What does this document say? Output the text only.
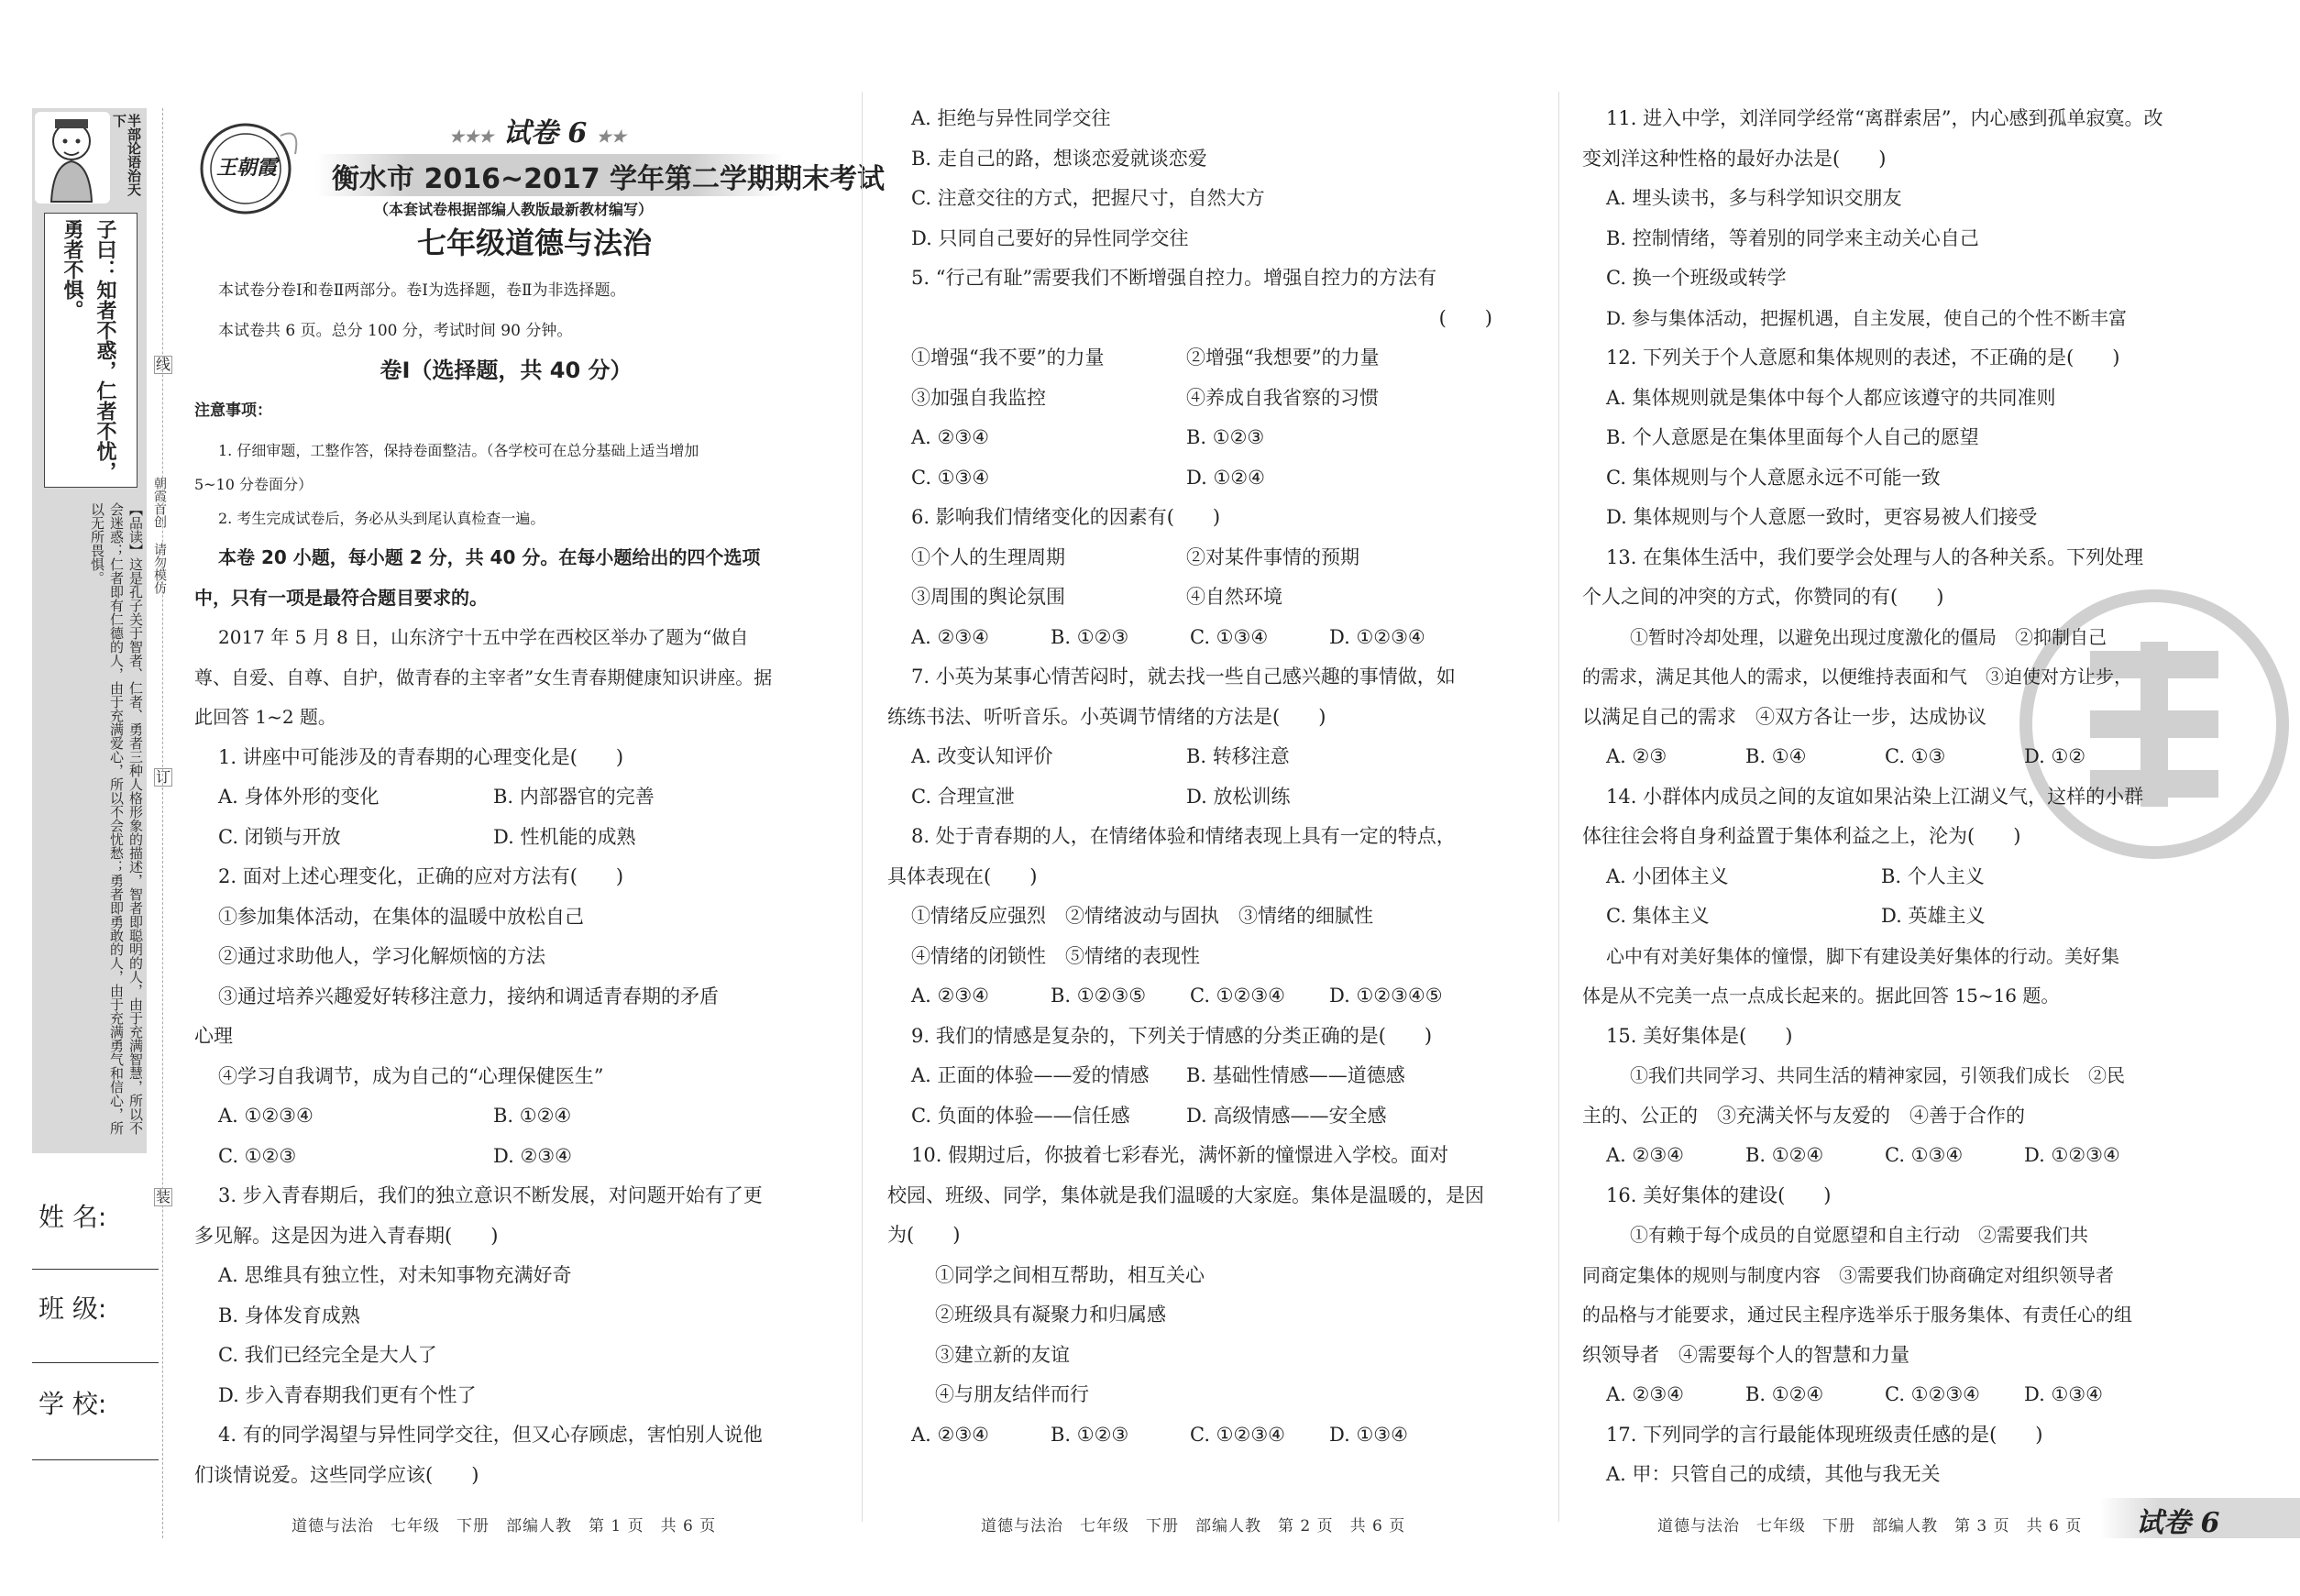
半部论语治天下
子曰：知者不惑，仁者不忧，勇者不惧。
【品读】这是孔子关于智者、仁者、勇者三种人格形象的描述，智者即聪明的人，由于充满智慧，所以不会迷惑；仁者即有仁德的人，由于充满爱心，所以不会忧愁；勇者即勇敢的人，由于充满勇气和信心，所以无所畏惧。	朝霞首创 请勿模仿
线
订
装
姓 名:
班 级:
学 校:
王朝霞
★★★ 试卷 6 ★★
衡水市 2016~2017 学年第二学期期末考试
（本套试卷根据部编人教版最新教材编写）
七年级道德与法治
本试卷分卷Ⅰ和卷Ⅱ两部分。卷Ⅰ为选择题，卷Ⅱ为非选择题。
本试卷共 6 页。总分 100 分，考试时间 90 分钟。
卷Ⅰ（选择题，共 40 分）
注意事项：
1. 仔细审题，工整作答，保持卷面整洁。（各学校可在总分基础上适当增加
5~10 分卷面分）
2. 考生完成试卷后，务必从头到尾认真检查一遍。
本卷 20 小题，每小题 2 分，共 40 分。在每小题给出的四个选项
中，只有一项是最符合题目要求的。
2017 年 5 月 8 日，山东济宁十五中学在西校区举办了题为“做自
尊、自爱、自尊、自护，做青春的主宰者”女生青春期健康知识讲座。据
此回答 1~2 题。
1. 讲座中可能涉及的青春期的心理变化是(　　)
A. 身体外形的变化	B. 内部器官的完善
C. 闭锁与开放	D. 性机能的成熟
2. 面对上述心理变化，正确的应对方法有(　　)
①参加集体活动，在集体的温暖中放松自己
②通过求助他人，学习化解烦恼的方法
③通过培养兴趣爱好转移注意力，接纳和调适青春期的矛盾
心理
④学习自我调节，成为自己的“心理保健医生”
A. ①②③④	B. ①②④
C. ①②③	D. ②③④
3. 步入青春期后，我们的独立意识不断发展，对问题开始有了更
多见解。这是因为进入青春期(　　)
A. 思维具有独立性，对未知事物充满好奇
B. 身体发育成熟
C. 我们已经完全是大人了
D. 步入青春期我们更有个性了
4. 有的同学渴望与异性同学交往，但又心存顾虑，害怕别人说他
们谈情说爱。这些同学应该(　　)
A. 拒绝与异性同学交往
B. 走自己的路，想谈恋爱就谈恋爱
C. 注意交往的方式，把握尺寸，自然大方
D. 只同自己要好的异性同学交往
5. “行己有耻”需要我们不断增强自控力。增强自控力的方法有
(　　)
①增强“我不要”的力量	②增强“我想要”的力量
③加强自我监控	④养成自我省察的习惯
A. ②③④	B. ①②③
C. ①③④	D. ①②④
6. 影响我们情绪变化的因素有(　　)
①个人的生理周期	②对某件事情的预期
③周围的舆论氛围	④自然环境
A. ②③④	B. ①②③	C. ①③④	D. ①②③④
7. 小英为某事心情苦闷时，就去找一些自己感兴趣的事情做，如
练练书法、听听音乐。小英调节情绪的方法是(　　)
A. 改变认知评价	B. 转移注意
C. 合理宣泄	D. 放松训练
8. 处于青春期的人，在情绪体验和情绪表现上具有一定的特点，
具体表现在(　　)
①情绪反应强烈　②情绪波动与固执　③情绪的细腻性
④情绪的闭锁性　⑤情绪的表现性
A. ②③④	B. ①②③⑤ C. ①②③④ D. ①②③④⑤
9. 我们的情感是复杂的，下列关于情感的分类正确的是(　　)
A. 正面的体验——爱的情感 B. 基础性情感——道德感
C. 负面的体验——信任感	D. 高级情感——安全感
10. 假期过后，你披着七彩春光，满怀新的憧憬进入学校。面对
校园、班级、同学，集体就是我们温暖的大家庭。集体是温暖的，是因
为(　　)
①同学之间相互帮助，相互关心
②班级具有凝聚力和归属感
③建立新的友谊
④与朋友结伴而行
A. ②③④	B. ①②③	C. ①②③④ D. ①③④
11. 进入中学，刘洋同学经常“离群索居”，内心感到孤单寂寞。改
变刘洋这种性格的最好办法是(　　)
A. 埋头读书，多与科学知识交朋友
B. 控制情绪，等着别的同学来主动关心自己
C. 换一个班级或转学
D. 参与集体活动，把握机遇，自主发展，使自己的个性不断丰富
12. 下列关于个人意愿和集体规则的表述，不正确的是(　　)
A. 集体规则就是集体中每个人都应该遵守的共同准则
B. 个人意愿是在集体里面每个人自己的愿望
C. 集体规则与个人意愿永远不可能一致
D. 集体规则与个人意愿一致时，更容易被人们接受
13. 在集体生活中，我们要学会处理与人的各种关系。下列处理
个人之间的冲突的方式，你赞同的有(　　)
①暂时冷却处理，以避免出现过度激化的僵局　②抑制自己
的需求，满足其他人的需求，以便维持表面和气　③迫使对方让步，
以满足自己的需求　④双方各让一步，达成协议
A. ②③	B. ①④	C. ①③	D. ①②
14. 小群体内成员之间的友谊如果沾染上江湖义气，这样的小群
体往往会将自身利益置于集体利益之上，沦为(　　)
A. 小团体主义	B. 个人主义
C. 集体主义	D. 英雄主义
心中有对美好集体的憧憬，脚下有建设美好集体的行动。美好集
体是从不完美一点一点成长起来的。据此回答 15~16 题。
15. 美好集体是(　　)
①我们共同学习、共同生活的精神家园，引领我们成长　②民
主的、公正的　③充满关怀与友爱的　④善于合作的
A. ②③④	B. ①②④	C. ①③④	D. ①②③④
16. 美好集体的建设(　　)
①有赖于每个成员的自觉愿望和自主行动　②需要我们共
同商定集体的规则与制度内容　③需要我们协商确定对组织领导者
的品格与才能要求，通过民主程序选举乐于服务集体、有责任心的组
织领导者　④需要每个人的智慧和力量
A. ②③④	B. ①②④	C. ①②③④ D. ①③④
17. 下列同学的言行最能体现班级责任感的是(　　)
A. 甲：只管自己的成绩，其他与我无关
道德与法治　七年级　下册　部编人教　第 1 页　共 6 页	道德与法治　七年级　下册　部编人教　第 2 页　共 6 页	道德与法治　七年级　下册　部编人教　第 3 页　共 6 页 试卷 6
